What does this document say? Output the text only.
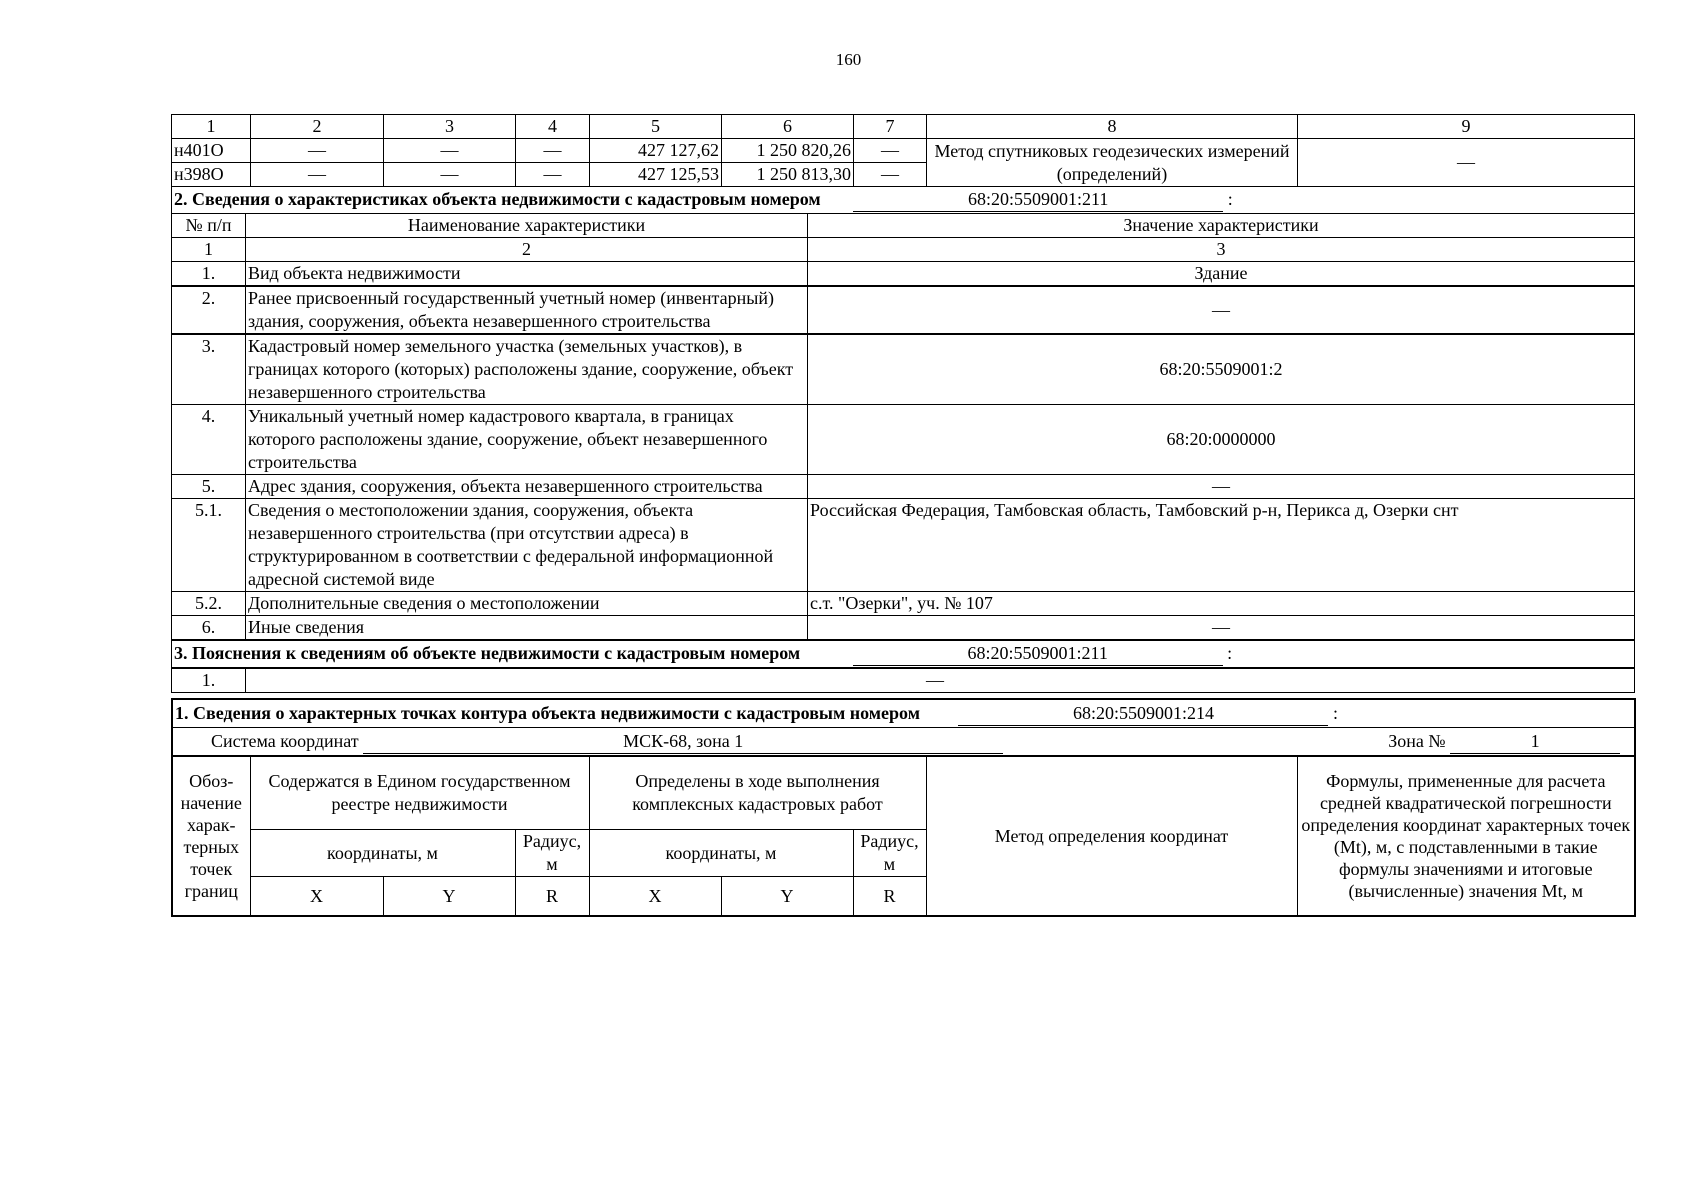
160
1	2	3	4	5	6	7	8	9
н401О	—	—	—	427 127,62	1 250 820,26	—	Метод спутниковых геодезических измерений (определений)	—
н398О	—	—	—	427 125,53	1 250 813,30	—		
2. Сведения о характеристиках объекта недвижимости с кадастровым номером 68:20:5509001:211 :								
№ п/п	Наименование характеристики	Значение характеристики
1	2	3
1.	Вид объекта недвижимости	Здание
2.	Ранее присвоенный государственный учетный номер (инвентарный) здания, сооружения, объекта незавершенного строительства	—
3.	Кадастровый номер земельного участка (земельных участков), в границах которого (которых) расположены здание, сооружение, объект незавершенного строительства	68:20:5509001:2
4.	Уникальный учетный номер кадастрового квартала, в границах которого расположены здание, сооружение, объект незавершенного строительства	68:20:0000000
5.	Адрес здания, сооружения, объекта незавершенного строительства	—
5.1.	Сведения о местоположении здания, сооружения, объекта незавершенного строительства (при отсутствии адреса) в структурированном в соответствии с федеральной информационной адресной системой виде	Российская Федерация, Тамбовская область, Тамбовский р-н, Перикса д, Озерки снт
5.2.	Дополнительные сведения о местоположении	с.т. "Озерки", уч. № 107
6.	Иные сведения	—
3. Пояснения к сведениям об объекте недвижимости с кадастровым номером	68:20:5509001:211	:
1.	—
1. Сведения о характерных точках контура объекта недвижимости с кадастровым номером 68:20:5509001:214 :								
Система координат МСК-68, зона 1 Зона № 1								

Обоз-начение харак-терных точек границ	Содержатся в Едином государственном реестре недвижимости			Определены в ходе выполнения комплексных кадастровых работ			Метод определения координат	Формулы, примененные для расчета средней квадратической погрешности определения координат характерных точек (Mt), м, с подставленными в такие формулы значениями и итоговые (вычисленные) значения Mt, м
	координаты, м		Радиус, м	координаты, м		Радиус, м		
	X	Y	R	X	Y	R		
